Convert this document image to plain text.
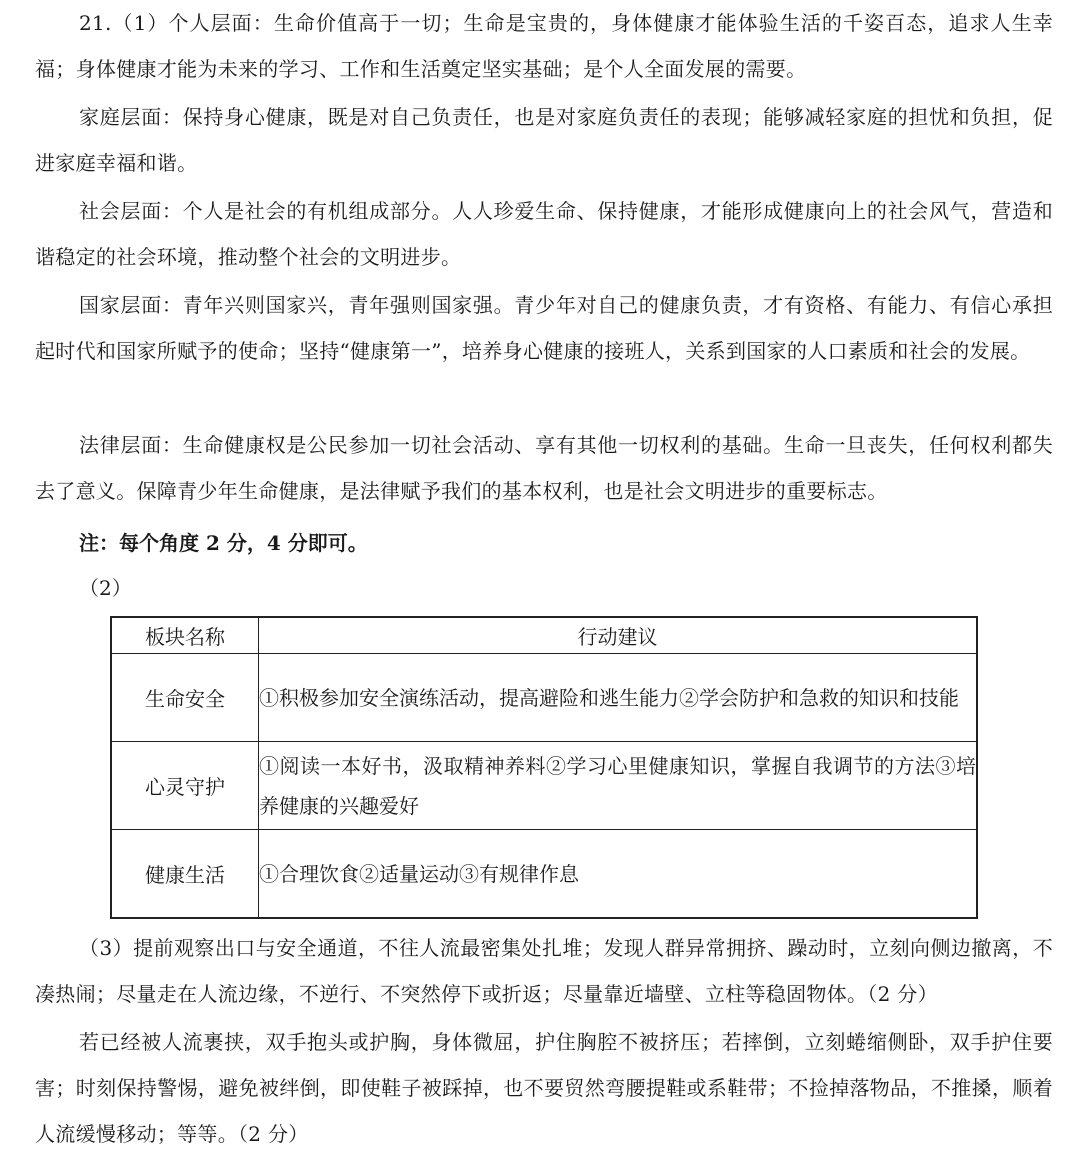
21.（1）个人层面：生命价值高于一切；生命是宝贵的，身体健康才能体验生活的千姿百态，追求人生幸福；身体健康才能为未来的学习、工作和生活奠定坚实基础；是个人全面发展的需要。
家庭层面：保持身心健康，既是对自己负责任，也是对家庭负责任的表现；能够减轻家庭的担忧和负担，促进家庭幸福和谐。
社会层面：个人是社会的有机组成部分。人人珍爱生命、保持健康，才能形成健康向上的社会风气，营造和谐稳定的社会环境，推动整个社会的文明进步。
国家层面：青年兴则国家兴，青年强则国家强。青少年对自己的健康负责，才有资格、有能力、有信心承担起时代和国家所赋予的使命；坚持“健康第一”，培养身心健康的接班人，关系到国家的人口素质和社会的发展。
法律层面：生命健康权是公民参加一切社会活动、享有其他一切权利的基础。生命一旦丧失，任何权利都失去了意义。保障青少年生命健康，是法律赋予我们的基本权利，也是社会文明进步的重要标志。
注：每个角度 2 分，4 分即可。
（2）
板块名称	行动建议
生命安全	①积极参加安全演练活动，提高避险和逃生能力②学会防护和急救的知识和技能
心灵守护	①阅读一本好书，汲取精神养料②学习心里健康知识，掌握自我调节的方法③培养健康的兴趣爱好
健康生活	①合理饮食②适量运动③有规律作息
（3）提前观察出口与安全通道，不往人流最密集处扎堆；发现人群异常拥挤、躁动时，立刻向侧边撤离，不凑热闹；尽量走在人流边缘，不逆行、不突然停下或折返；尽量靠近墙壁、立柱等稳固物体。（2 分）
若已经被人流裹挟，双手抱头或护胸，身体微屈，护住胸腔不被挤压；若摔倒，立刻蜷缩侧卧，双手护住要害；时刻保持警惕，避免被绊倒，即使鞋子被踩掉，也不要贸然弯腰提鞋或系鞋带；不捡掉落物品，不推搡，顺着人流缓慢移动；等等。（2 分）
